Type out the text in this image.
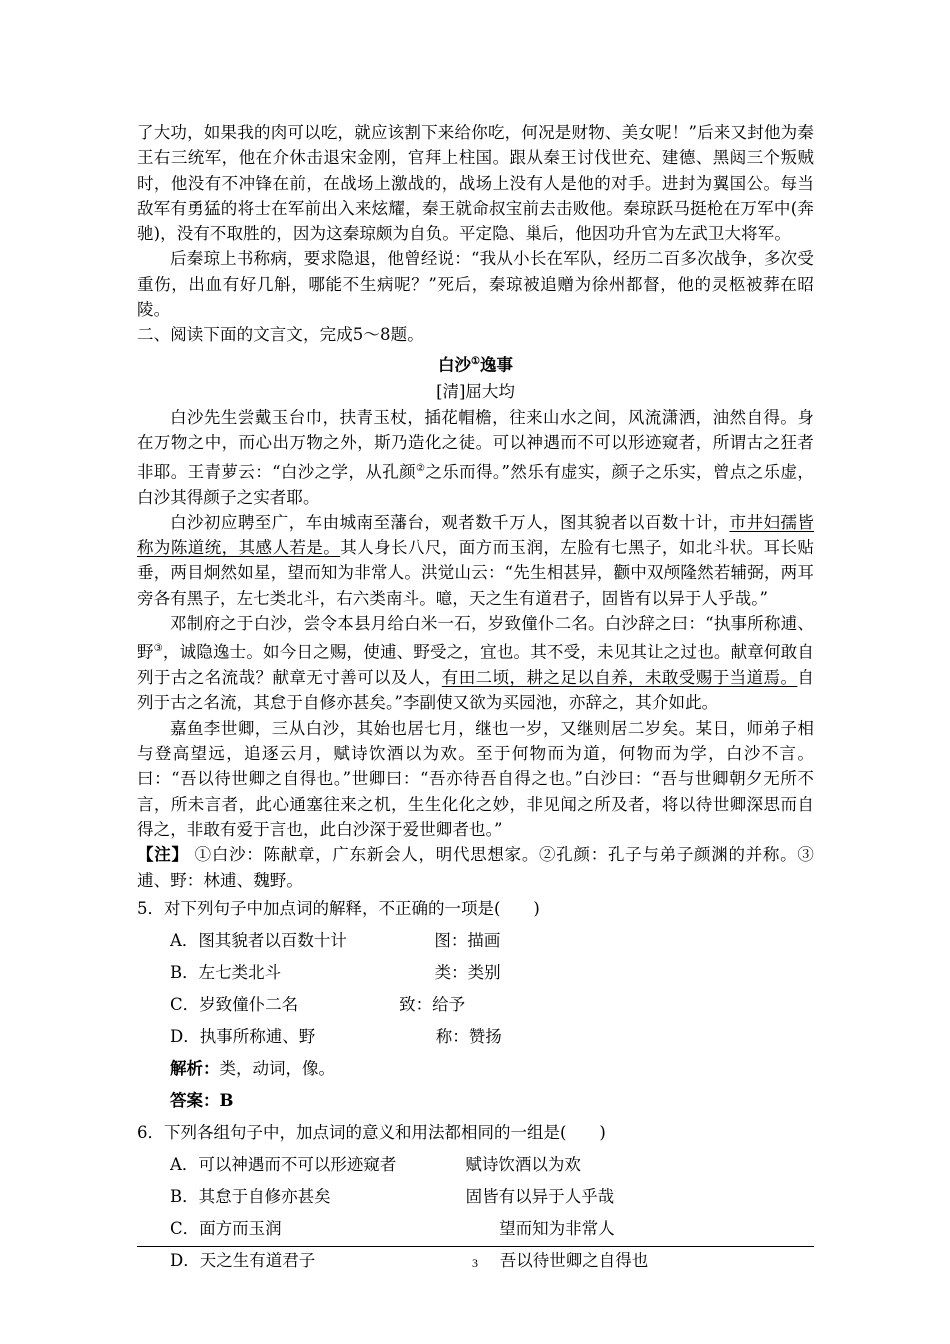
了大功，如果我的肉可以吃，就应该割下来给你吃，何况是财物、美女呢！”后来又封他为秦王右三统军，他在介休击退宋金刚，官拜上柱国。跟从秦王讨伐世充、建德、黑闼三个叛贼时，他没有不冲锋在前，在战场上激战的，战场上没有人是他的对手。进封为翼国公。每当敌军有勇猛的将士在军前出入来炫耀，秦王就命叔宝前去击败他。秦琼跃马挺枪在万军中(奔驰)，没有不取胜的，因为这秦琼颇为自负。平定隐、巢后，他因功升官为左武卫大将军。

后秦琼上书称病，要求隐退，他曾经说：“我从小长在军队，经历二百多次战争，多次受重伤，出血有好几斛，哪能不生病呢？”死后，秦琼被追赠为徐州都督，他的灵柩被葬在昭陵。

二、阅读下面的文言文，完成5～8题。

白沙①逸事
[清]屈大均

白沙先生尝戴玉台巾，扶青玉杖，插花帽檐，往来山水之间，风流潇洒，油然自得。身在万物之中，而心出万物之外，斯乃造化之徒。可以神遇而不可以形迹窥者，所谓古之狂者非耶。王青萝云：“白沙之学，从孔颜②之乐而得。”然乐有虚实，颜子之乐实，曾点之乐虚，白沙其得颜子之实者耶。

白沙初应聘至广，车由城南至藩台，观者数千万人，图其貌者以百数十计，市井妇孺皆称为陈道统，其感人若是。其人身长八尺，面方而玉润，左脸有七黑子，如北斗状。耳长贴垂，两目炯然如星，望而知为非常人。洪觉山云：“先生相甚异，颧中双颅隆然若辅弼，两耳旁各有黑子，左七类北斗，右六类南斗。噫，天之生有道君子，固皆有以异于人乎哉。”

邓制府之于白沙，尝令本县月给白米一石，岁致僮仆二名。白沙辞之曰：“执事所称逋、野③，诚隐逸士。如今日之赐，使逋、野受之，宜也。其不受，未见其让之过也。献章何敢自列于古之名流哉？献章无寸善可以及人，有田二顷，耕之足以自养，未敢受赐于当道焉。自列于古之名流，其怠于自修亦甚矣。”李副使又欲为买园池，亦辞之，其介如此。

嘉鱼李世卿，三从白沙，其始也居七月，继也一岁，又继则居二岁矣。某日，师弟子相与登高望远，追逐云月，赋诗饮酒以为欢。至于何物而为道，何物而为学，白沙不言。曰：“吾以待世卿之自得也。”世卿曰：“吾亦待吾自得之也。”白沙曰：“吾与世卿朝夕无所不言，所未言者，此心通塞往来之机，生生化化之妙，非见闻之所及者，将以待世卿深思而自得之，非敢有爱于言也，此白沙深于爱世卿者也。”

【注】 ①白沙：陈献章，广东新会人，明代思想家。②孔颜：孔子与弟子颜渊的并称。③逋、野：林逋、魏野。

5．对下列句子中加点词的解释，不正确的一项是(　　)

A． 图其貌者以百数十计	图：描画
B． 左七类北斗	类：类别
C． 岁致僮仆二名	致：给予
D． 执事所称逋、野	称：赞扬
解析： 类，动词，像。
答案： B

6．下列各组句子中，加点词的意义和用法都相同的一组是(　　)

A． 可以神遇而不可以形迹窥者	赋诗饮酒以为欢
B． 其怠于自修亦甚矣	固皆有以异于人乎哉
C． 面方而玉润	望而知为非常人
D． 天之生有道君子	吾以待世卿之自得也
3
